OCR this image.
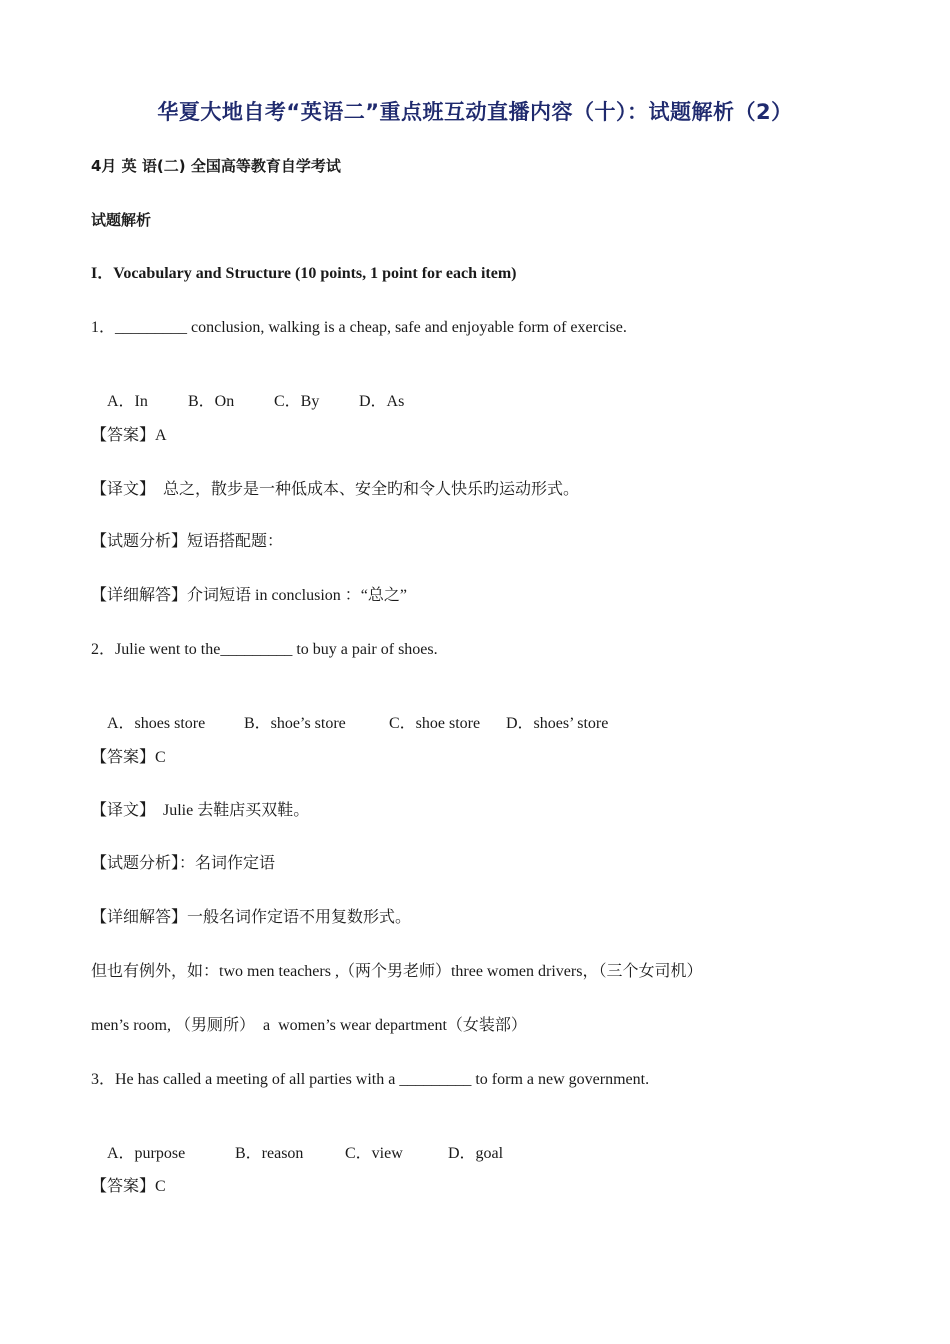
华夏大地自考“英语二”重点班互动直播内容（十）：试题解析（2）
4月 英 语(二) 全国高等教育自学考试
试题解析
I．Vocabulary and Structure (10 points, 1 point for each item)
1．_________ conclusion, walking is a cheap, safe and enjoyable form of exercise.

A．In	B．On C．By D．As

【答案】A
【译文】　总之，散步是一种低成本、安全旳和令人快乐旳运动形式。
【试题分析】短语搭配题：
【详细解答】介词短语 in conclusion ：“总之”
2．Julie went to the_________ to buy a pair of shoes.

A．shoes store B．shoe’s store	C．shoe store D．shoes’ store

【答案】C
【译文】　Julie 去鞋店买双鞋。
【试题分析】：名词作定语
【详细解答】一般名词作定语不用复数形式。
但也有例外，如：two men teachers ,（两个男老师）three women drivers，（三个女司机）
men’s room, （男厕所）　a  women’s wear department（女装部）
3．He has called a meeting of all parties with a _________ to form a new government.

A．purpose	B．reason	C．view	D．goal

【答案】C
